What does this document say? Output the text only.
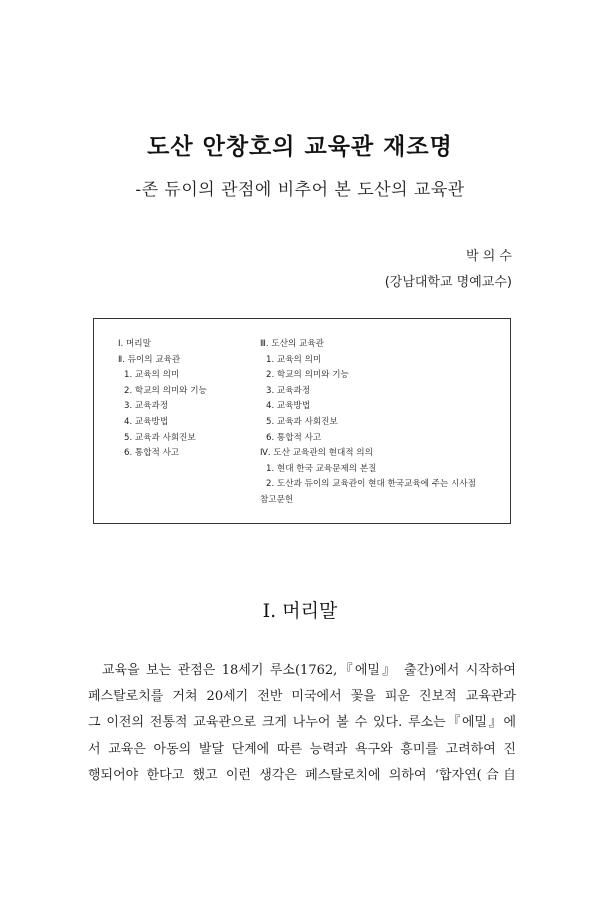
도산 안창호의 교육관 재조명
-존 듀이의 관점에 비추어 본 도산의 교육관
박 의 수
(강남대학교 명예교수)
Ⅰ. 머리말
Ⅱ. 듀이의 교육관
1. 교육의 의미
2. 학교의 의미와 기능
3. 교육과정
4. 교육방법
5. 교육과 사회진보
6. 통합적 사고
Ⅲ. 도산의 교육관
1. 교육의 의미
2. 학교의 의미와 기능
3. 교육과정
4. 교육방법
5. 교육과 사회진보
6. 통합적 사고
Ⅳ. 도산 교육관의 현대적 의의
1. 현대 한국 교육문제의 본질
2. 도산과 듀이의 교육관이 현대 한국교육에 주는 시사점
참고문헌
Ⅰ. 머리말
교육을 보는 관점은 18세기 루소(1762,『에밀』 출간)에서 시작하여
페스탈로치를 거쳐 20세기 전반 미국에서 꽃을 피운 진보적 교육관과
그 이전의 전통적 교육관으로 크게 나누어 볼 수 있다. 루소는『에밀』에
서 교육은 아동의 발달 단계에 따른 능력과 욕구와 흥미를 고려하여 진
행되어야 한다고 했고 이런 생각은 페스탈로치에 의하여 ‘합자연(合自
